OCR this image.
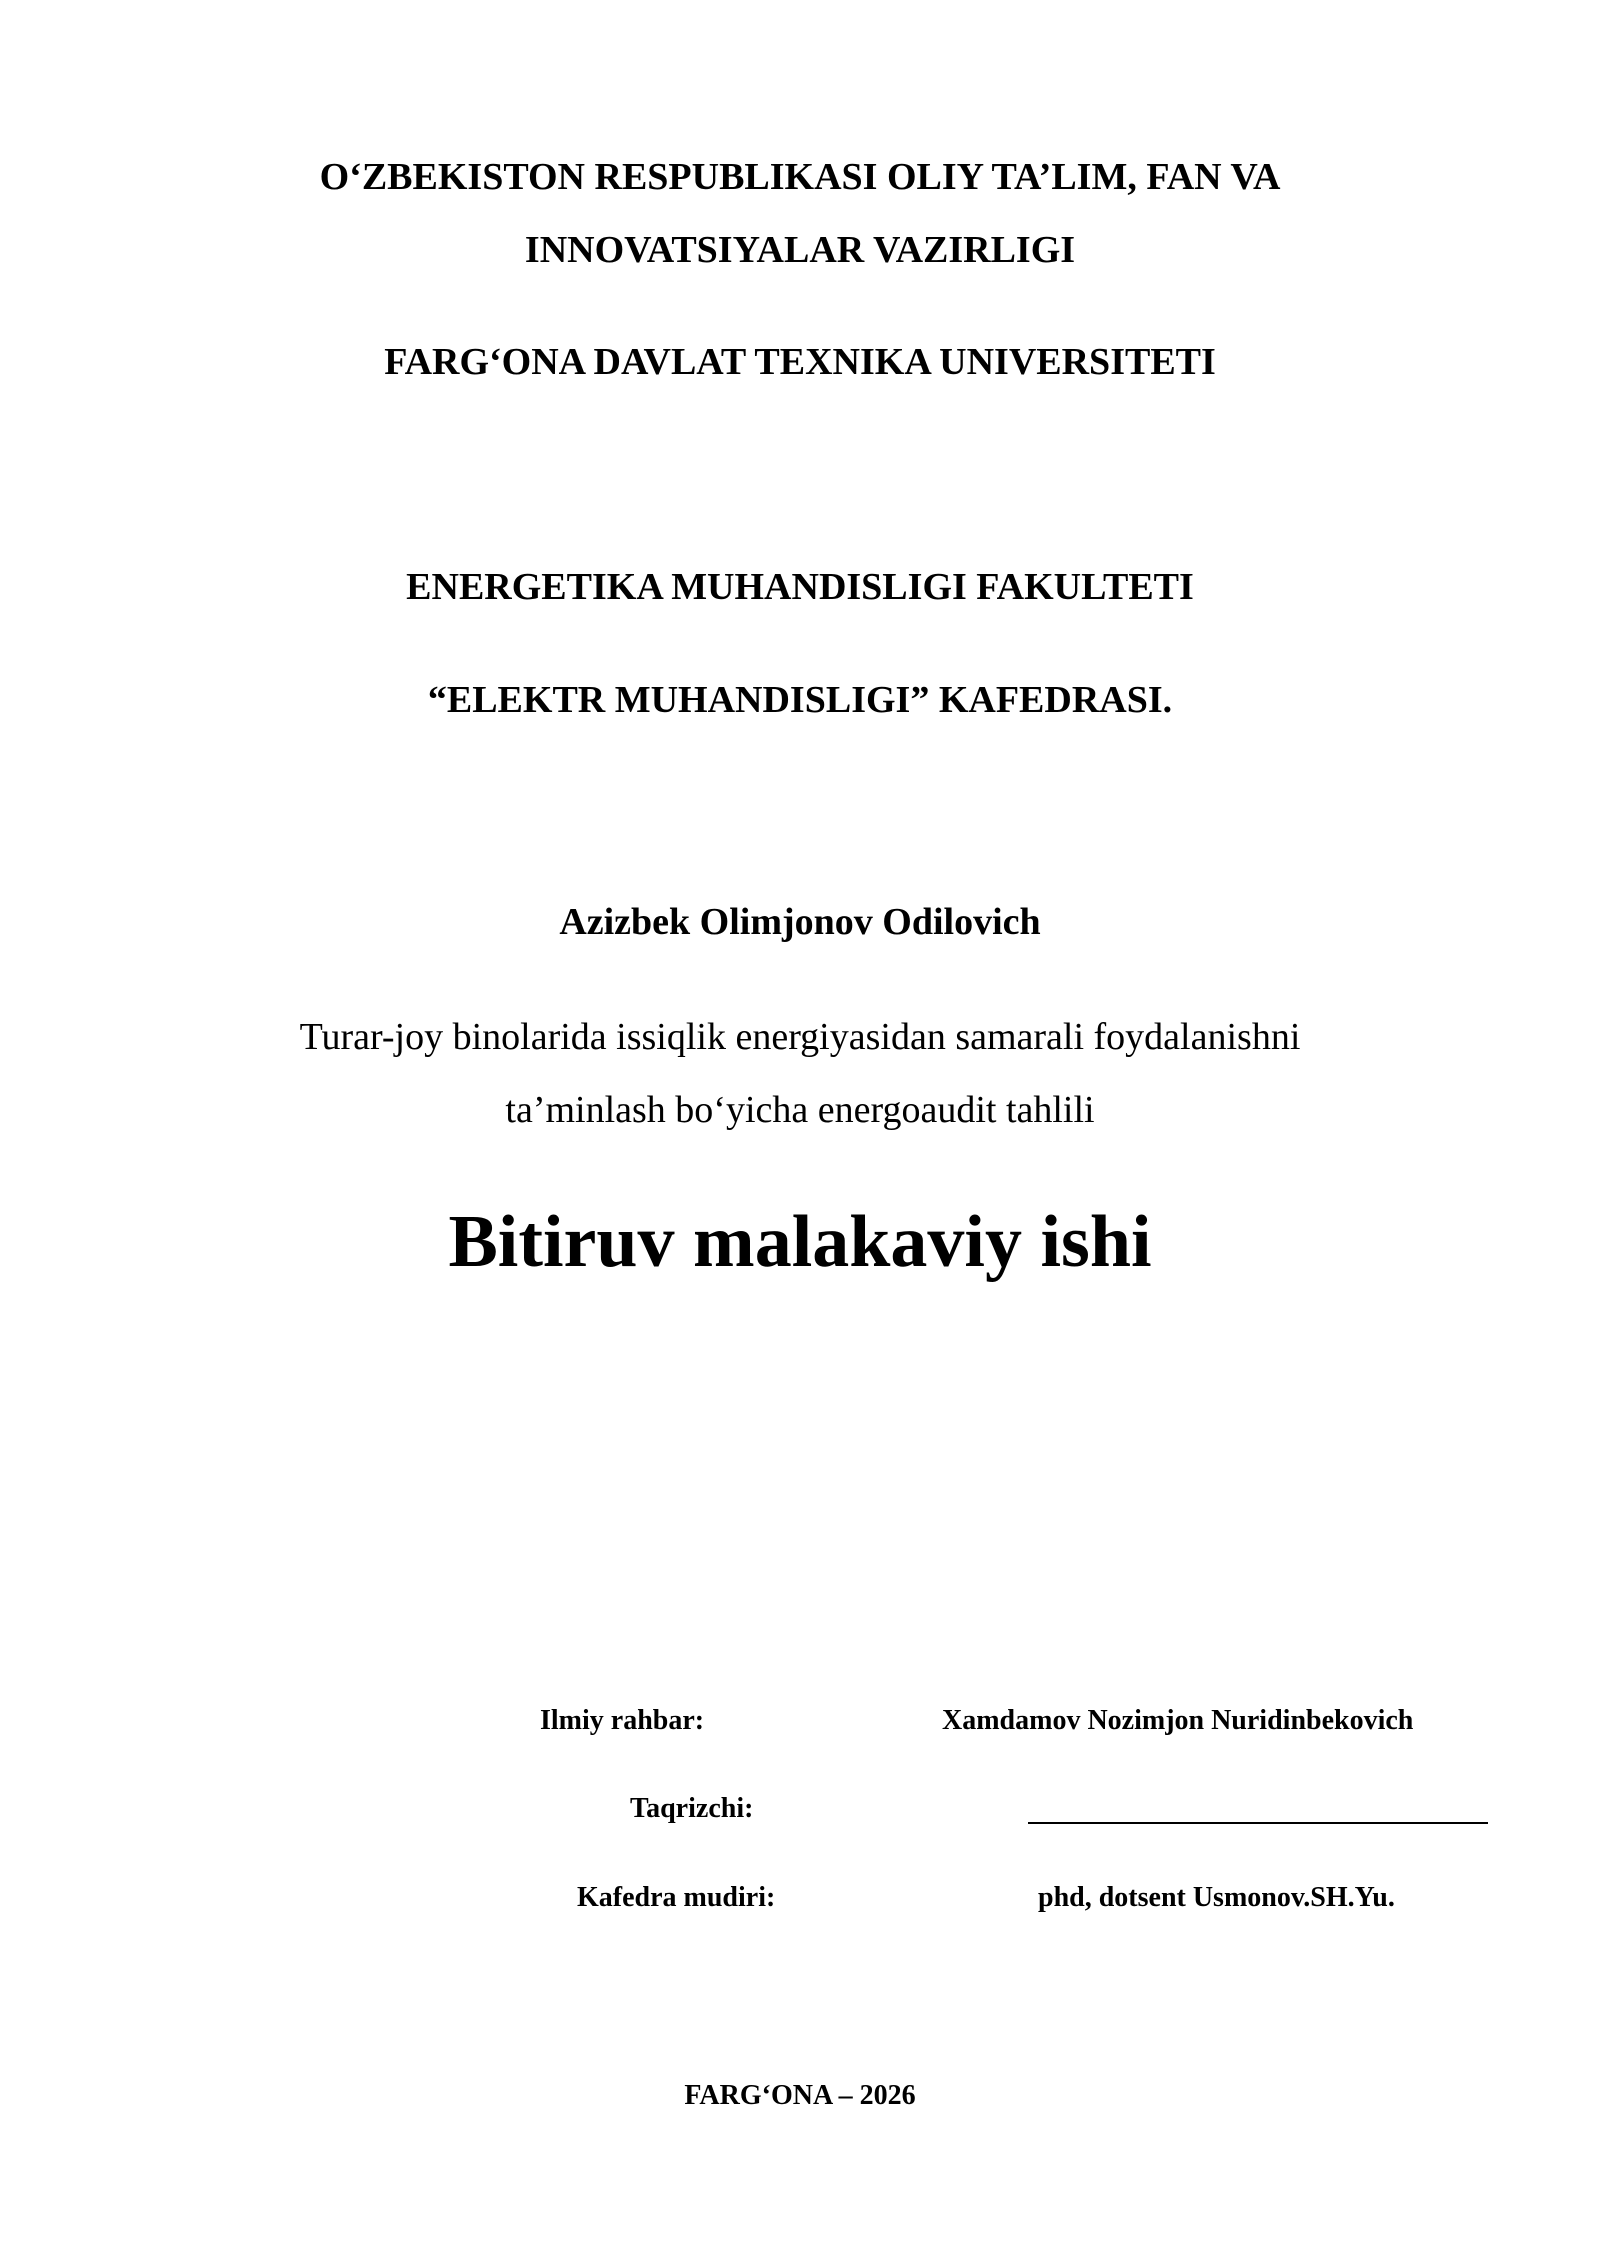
O‘ZBEKISTON RESPUBLIKASI OLIY TA’LIM, FAN VA
INNOVATSIYALAR VAZIRLIGI
FARG‘ONA DAVLAT TEXNIKA UNIVERSITETI
ENERGETIKA MUHANDISLIGI FAKULTETI
“ELEKTR MUHANDISLIGI” KAFEDRASI.
Azizbek Olimjonov Odilovich
Turar-joy binolarida issiqlik energiyasidan samarali foydalanishni
ta’minlash bo‘yicha energoaudit tahlili
Bitiruv malakaviy ishi
Ilmiy rahbar:	Xamdamov Nozimjon Nuridinbekovich
Taqrizchi:
Kafedra mudiri:	phd, dotsent Usmonov.SH.Yu.
FARG‘ONA – 2026
